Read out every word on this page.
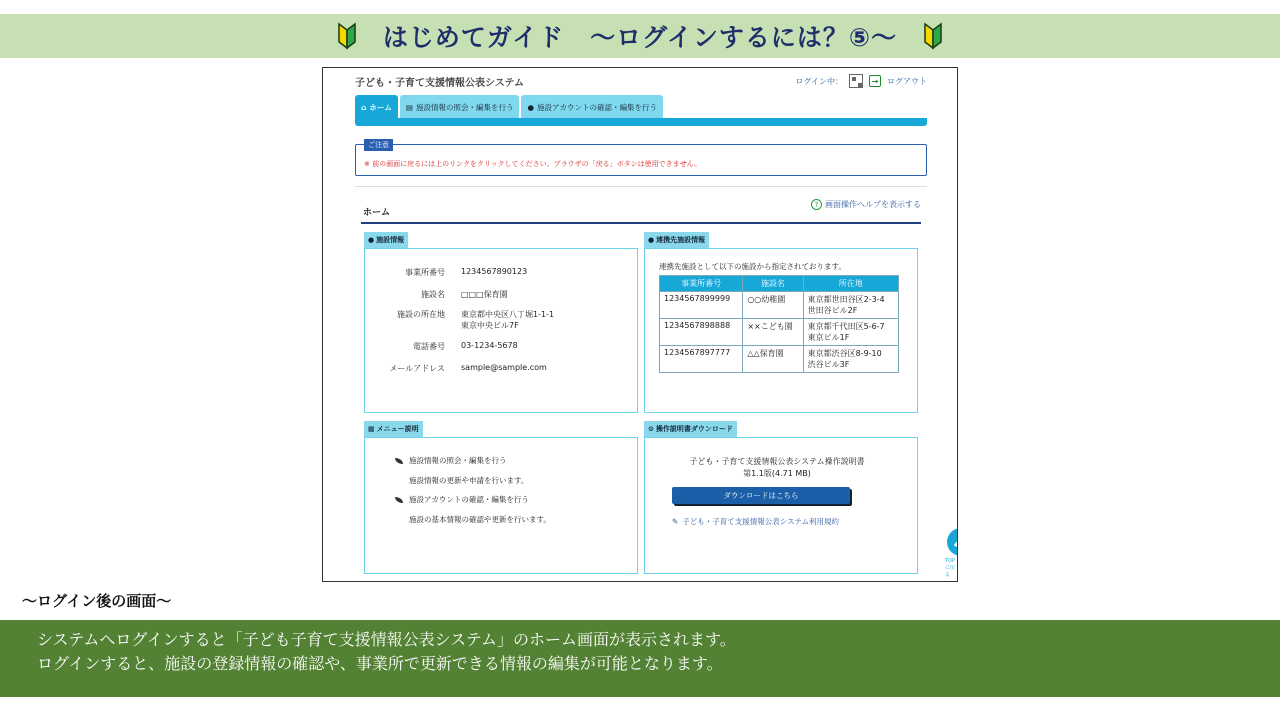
はじめてガイド　～ログインするには？⑤～
子ども・子育て支援情報公表システム	ログイン中：	→	ログアウト
⌂ ホーム ▤ 施設情報の照会・編集を行う ● 施設アカウントの確認・編集を行う
ご注意
※ 前の画面に戻るには上のリンクをクリックしてください。ブラウザの「戻る」ボタンは使用できません。
ホーム
? 画面操作ヘルプを表示する
● 施設情報
事業所番号 1234567890123
施設名 □□□保育園
施設の所在地 東京都中央区八丁堀1-1-1
東京中央ビル7F
電話番号 03-1234-5678
メールアドレス sample@sample.com
● 連携先施設情報
連携先施設として以下の施設から指定されております。
事業所番号	施設名	所在地
1234567899999	○○幼稚園	東京都世田谷区2-3-4
世田谷ビル2F

1234567898888	××こども園	東京都千代田区5-6-7
東京ビル1F

1234567897777	△△保育園	東京都渋谷区8-9-10
渋谷ビル3F
▦ メニュー説明
施設情報の照会・編集を行う
施設情報の更新や申請を行います。
施設アカウントの確認・編集を行う
施設の基本情報の確認や更新を行います。
⊙ 操作説明書ダウンロード
子ども・子育て支援情報公表システム操作説明書
第1.1版(4.71 MB)
ダウンロードはこちら
✎ 子ども・子育て支援情報公表システム利用規約
TOPに戻る
～ログイン後の画面～
システムへログインすると「子ども子育て支援情報公表システム」のホーム画面が表示されます。
ログインすると、施設の登録情報の確認や、事業所で更新できる情報の編集が可能となります。
